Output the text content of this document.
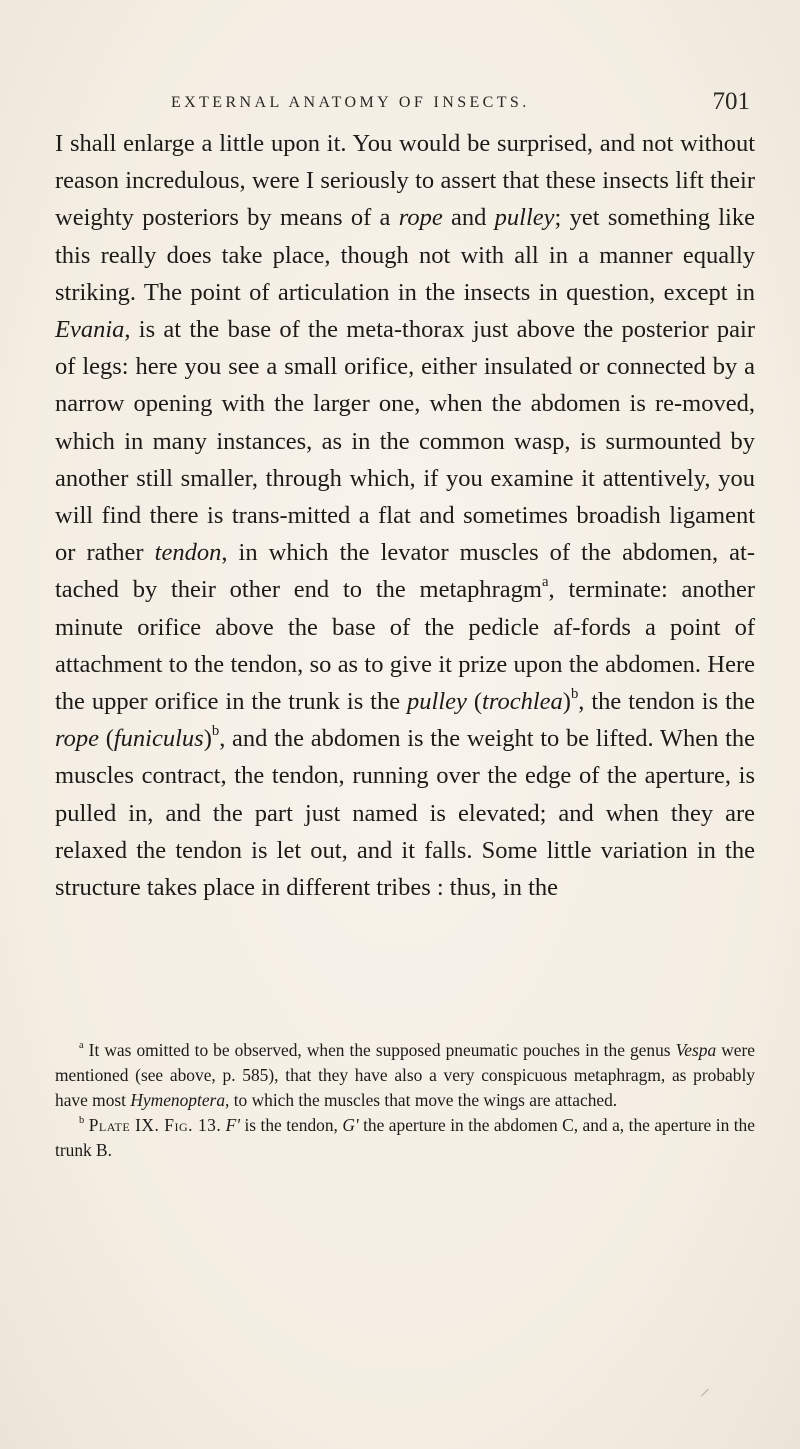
EXTERNAL ANATOMY OF INSECTS.	701

I shall enlarge a little upon it. You would be surprised, and not without reason incredulous, were I seriously to assert that these insects lift their weighty posteriors by means of a rope and pulley; yet something like this really does take place, though not with all in a manner equally striking. The point of articulation in the insects in question, except in Evania, is at the base of the meta-thorax just above the posterior pair of legs: here you see a small orifice, either insulated or connected by a narrow opening with the larger one, when the abdomen is re-moved, which in many instances, as in the common wasp, is surmounted by another still smaller, through which, if you examine it attentively, you will find there is trans-mitted a flat and sometimes broadish ligament or rather tendon, in which the levator muscles of the abdomen, at-tached by their other end to the metaphragm$^a$, terminate: another minute orifice above the base of the pedicle af-fords a point of attachment to the tendon, so as to give it prize upon the abdomen. Here the upper orifice in the trunk is the pulley (trochlea)$^b$, the tendon is the rope (funiculus)$^b$, and the abdomen is the weight to be lifted. When the muscles contract, the tendon, running over the edge of the aperture, is pulled in, and the part just named is elevated; and when they are relaxed the tendon is let out, and it falls. Some little variation in the structure takes place in different tribes : thus, in the

$^a$ It was omitted to be observed, when the supposed pneumatic pouches in the genus Vespa were mentioned (see above, p. 585), that they have also a very conspicuous metaphragm, as probably have most Hymenoptera, to which the muscles that move the wings are attached.

$^b$ Plate IX. Fig. 13. F' is the tendon, G' the aperture in the abdomen C, and a, the aperture in the trunk B.
